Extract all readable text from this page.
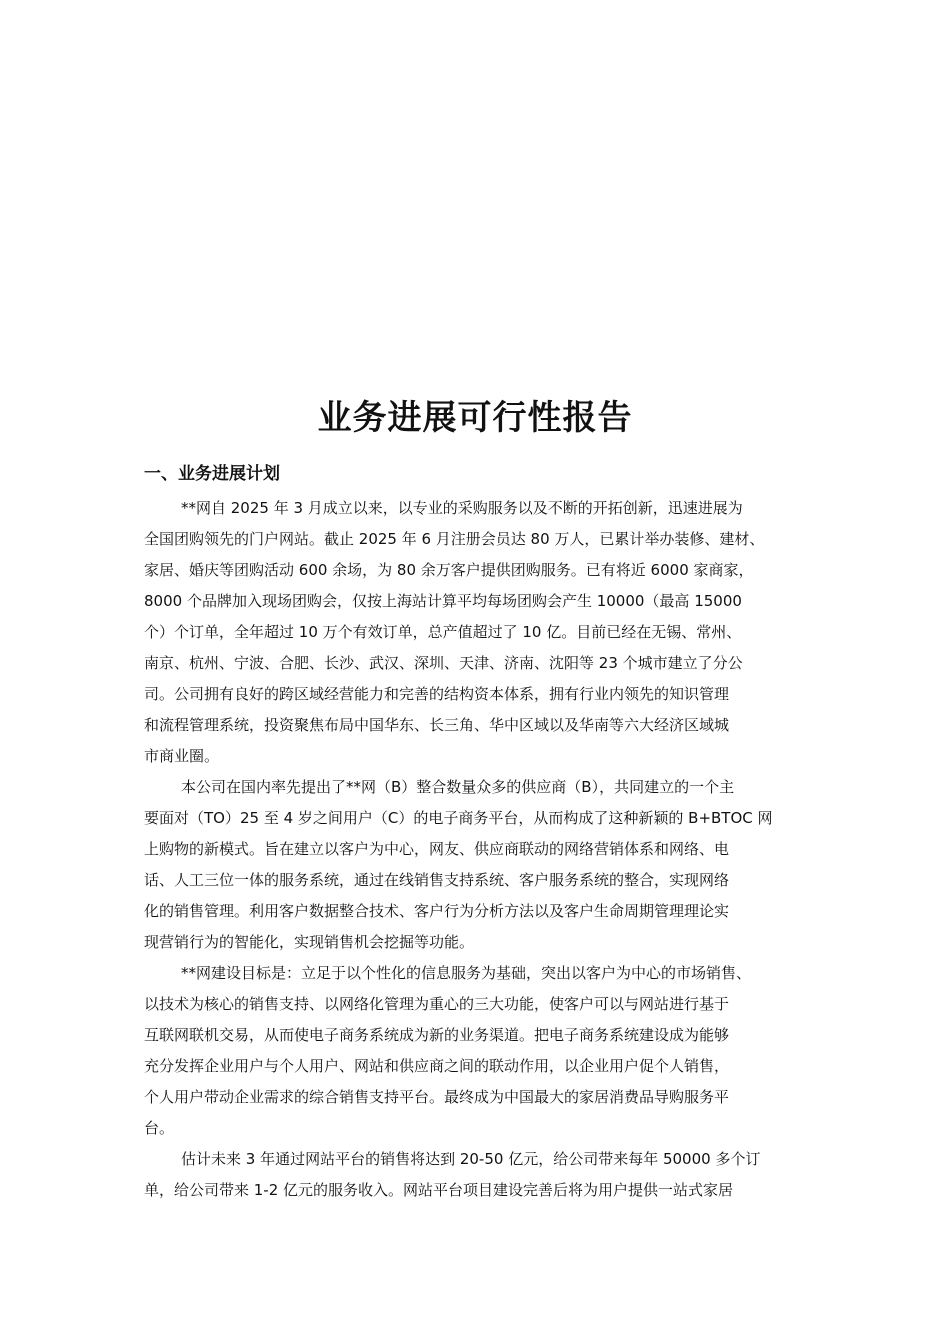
业务进展可行性报告
一、业务进展计划

**网自 2025 年 3 月成立以来，以专业的采购服务以及不断的开拓创新，迅速进展为

全国团购领先的门户网站。截止 2025 年 6 月注册会员达 80 万人，已累计举办装修、建材、

家居、婚庆等团购活动 600 余场，为 80 余万客户提供团购服务。已有将近 6000 家商家，

8000 个品牌加入现场团购会，仅按上海站计算平均每场团购会产生 10000（最高 15000

个）个订单，全年超过 10 万个有效订单，总产值超过了 10 亿。目前已经在无锡、常州、

南京、杭州、宁波、合肥、长沙、武汉、深圳、天津、济南、沈阳等 23 个城市建立了分公

司。公司拥有良好的跨区域经营能力和完善的结构资本体系，拥有行业内领先的知识管理

和流程管理系统，投资聚焦布局中国华东、长三角、华中区域以及华南等六大经济区域城

市商业圈。

本公司在国内率先提出了**网（B）整合数量众多的供应商（B），共同建立的一个主

要面对（TO）25 至 4 岁之间用户（C）的电子商务平台，从而构成了这种新颖的 B+BTOC 网

上购物的新模式。旨在建立以客户为中心，网友、供应商联动的网络营销体系和网络、电

话、人工三位一体的服务系统，通过在线销售支持系统、客户服务系统的整合，实现网络

化的销售管理。利用客户数据整合技术、客户行为分析方法以及客户生命周期管理理论实

现营销行为的智能化，实现销售机会挖掘等功能。

**网建设目标是：立足于以个性化的信息服务为基础，突出以客户为中心的市场销售、

以技术为核心的销售支持、以网络化管理为重心的三大功能，使客户可以与网站进行基于

互联网联机交易，从而使电子商务系统成为新的业务渠道。把电子商务系统建设成为能够

充分发挥企业用户与个人用户、网站和供应商之间的联动作用，以企业用户促个人销售，

个人用户带动企业需求的综合销售支持平台。最终成为中国最大的家居消费品导购服务平

台。

估计未来 3 年通过网站平台的销售将达到 20-50 亿元，给公司带来每年 50000 多个订

单，给公司带来 1-2 亿元的服务收入。网站平台项目建设完善后将为用户提供一站式家居
